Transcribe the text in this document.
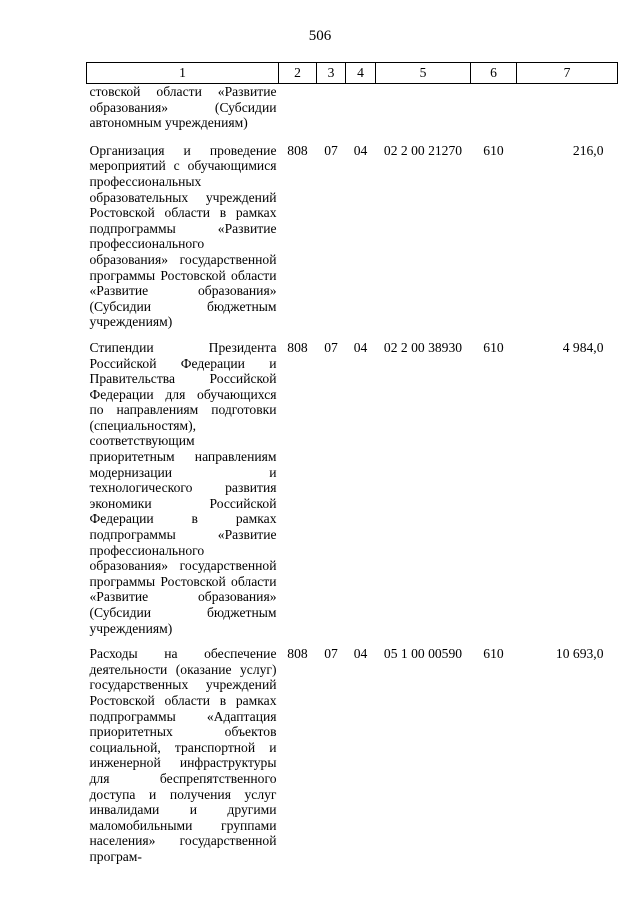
506
1	2	3	4	5	6	7
стовской области «Развитие образования» (Субсидии автономным учреждениям)						
Организация и проведение мероприятий с обучающимися профессиональных образовательных учреждений Ростовской области в рамках подпрограммы «Развитие профессионального образования» государственной программы Ростовской области «Развитие образования» (Субсидии бюджетным учреждениям)	808	07	04	02 2 00 21270	610	216,0
Стипендии Президента Российской Федерации и Правительства Российской Федерации для обучающихся по направлениям подготовки (специальностям), соответствующим приоритетным направлениям модернизации и технологического развития экономики Российской Федерации в рамках подпрограммы «Развитие профессионального образования» государственной программы Ростовской области «Развитие образования» (Субсидии бюджетным учреждениям)	808	07	04	02 2 00 38930	610	4 984,0
Расходы на обеспечение деятельности (оказание услуг) государственных учреждений Ростовской области в рамках подпрограммы «Адаптация приоритетных объектов социальной, транспортной и инженерной инфраструктуры для беспрепятственного доступа и получения услуг инвалидами и другими маломобильными группами населения» государственной програм-	808	07	04	05 1 00 00590	610	10 693,0
